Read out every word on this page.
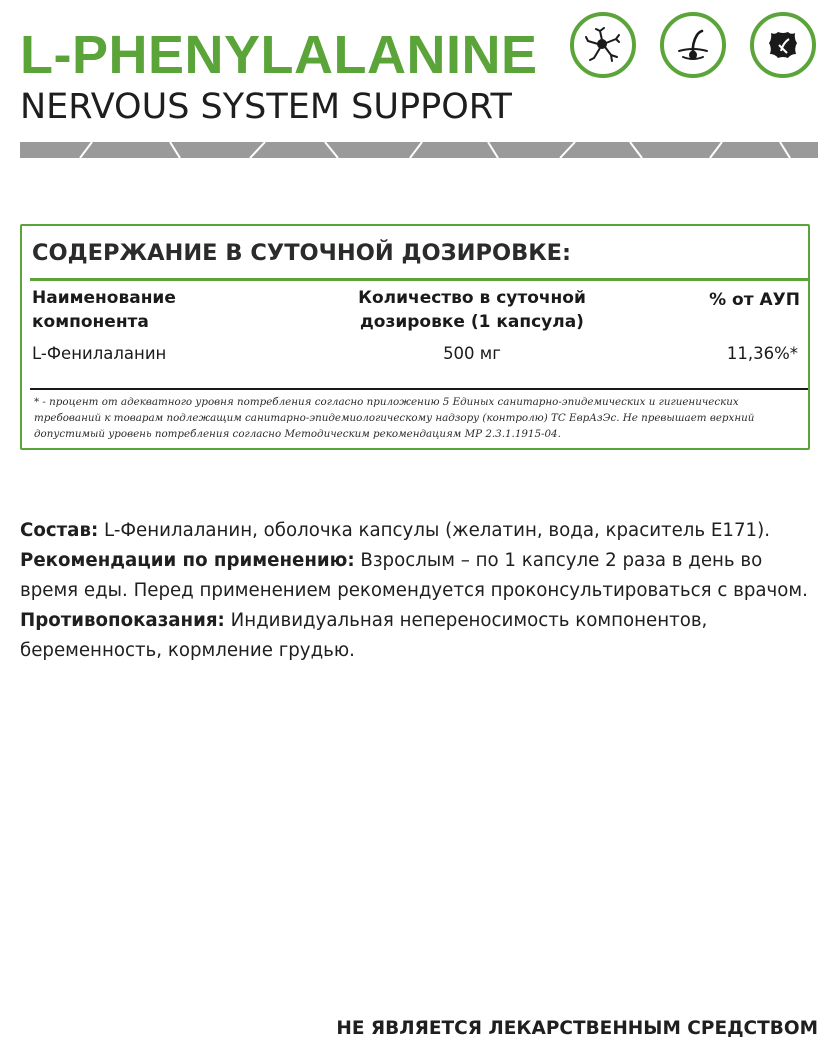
L-PHENYLALANINE
NERVOUS SYSTEM SUPPORT
СОДЕРЖАНИЕ В СУТОЧНОЙ ДОЗИРОВКЕ:
Наименование компонента
Количество в суточной дозировке (1 капсула)
% от АУП
L-Фенилаланин	500 мг	11,36%*
* - процент от адекватного уровня потребления согласно приложению 5 Единых санитарно-эпидемических и гигиенических требований к товарам подлежащим санитарно-эпидемиологическому надзору (контролю) ТС ЕврАзЭс. Не превышает верхний допустимый уровень потребления согласно Методическим рекомендациям МР 2.3.1.1915-04.

Состав: L-Фенилаланин, оболочка капсулы (желатин, вода, краситель Е171).

Рекомендации по применению: Взрослым – по 1 капсуле 2 раза в день во время еды. Перед применением рекомендуется проконсультироваться с врачом.

Противопоказания: Индивидуальная непереносимость компонентов, беременность, кормление грудью.

НЕ ЯВЛЯЕТСЯ ЛЕКАРСТВЕННЫМ СРЕДСТВОМ
